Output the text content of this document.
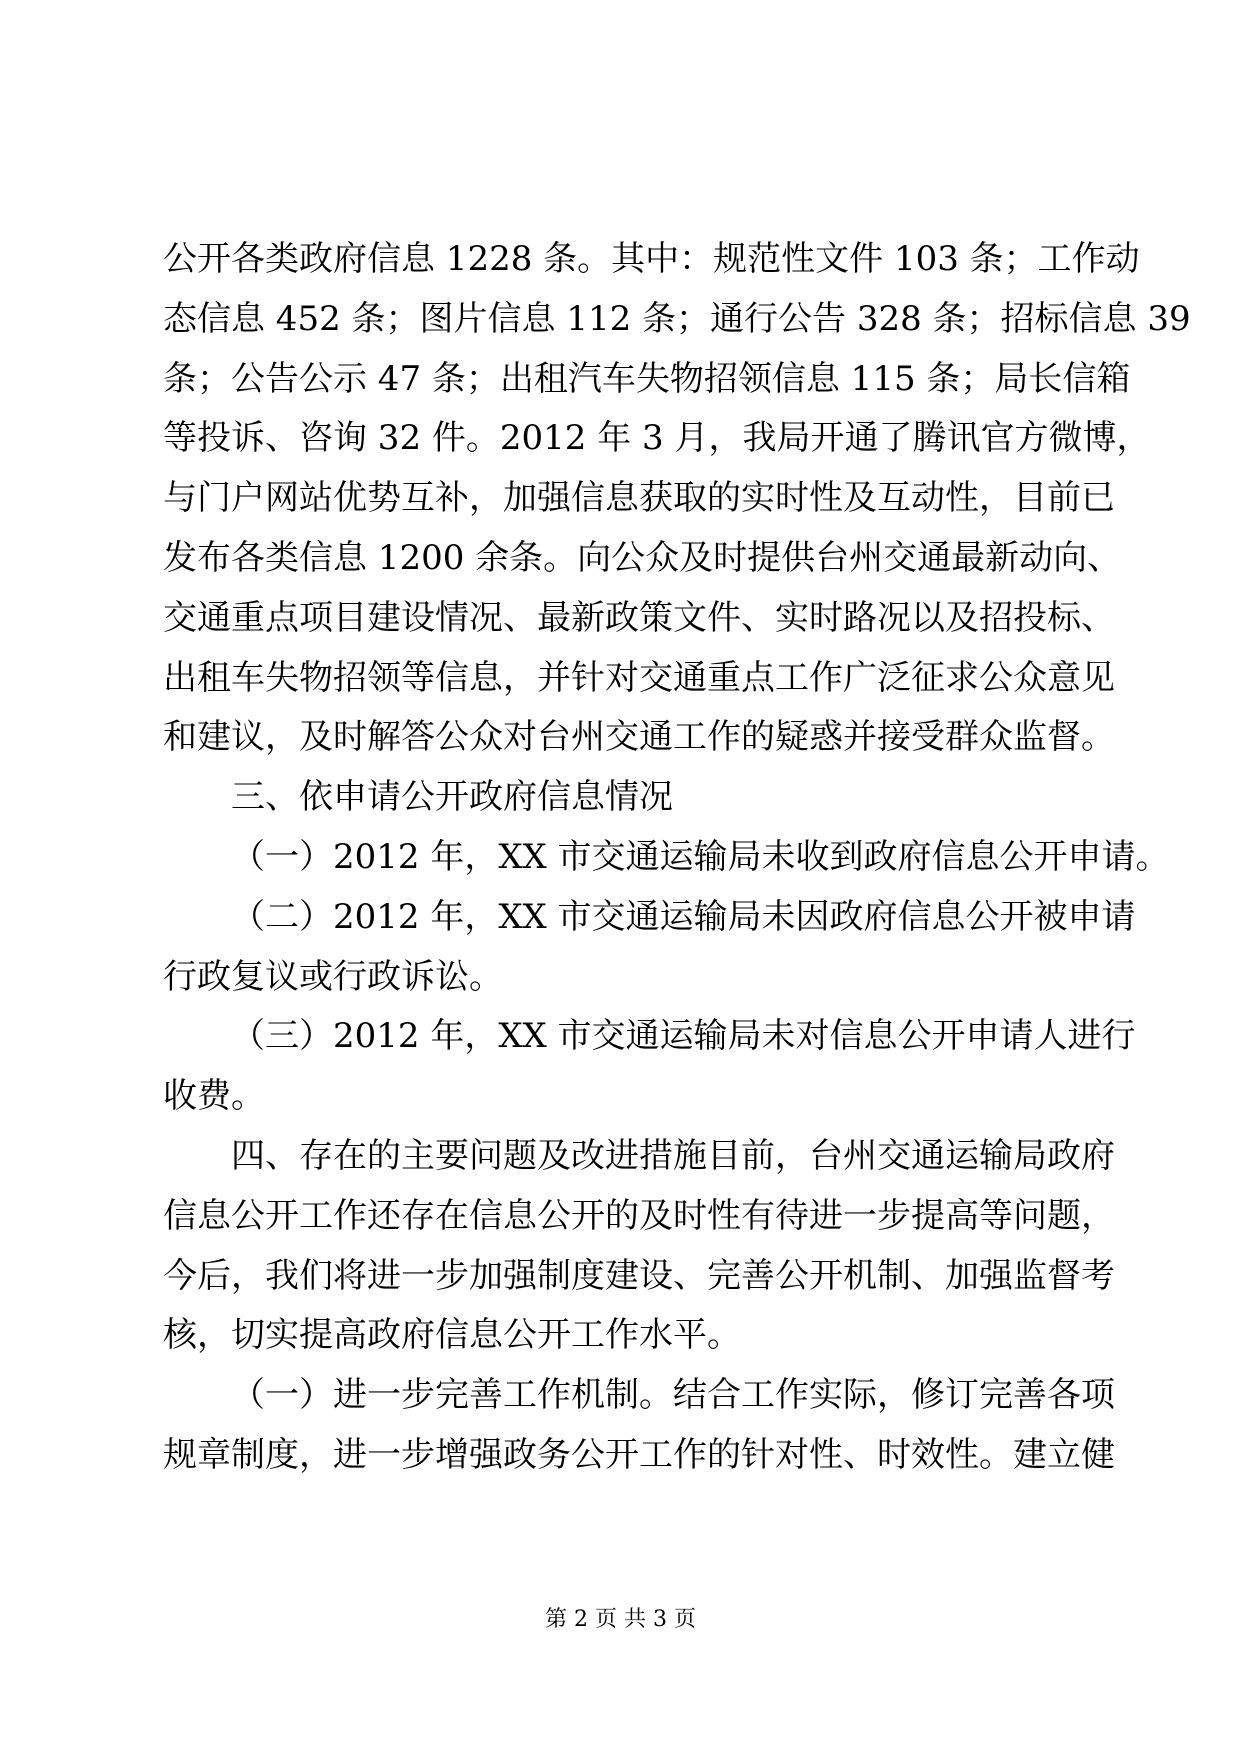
公开各类政府信息 1228 条。其中：规范性文件 103 条；工作动
态信息 452 条；图片信息 112 条；通行公告 328 条；招标信息 39
条；公告公示 47 条；出租汽车失物招领信息 115 条；局长信箱
等投诉、咨询 32 件。2012 年 3 月，我局开通了腾讯官方微博，
与门户网站优势互补，加强信息获取的实时性及互动性，目前已
发布各类信息 1200 余条。向公众及时提供台州交通最新动向、
交通重点项目建设情况、最新政策文件、实时路况以及招投标、
出租车失物招领等信息，并针对交通重点工作广泛征求公众意见
和建议，及时解答公众对台州交通工作的疑惑并接受群众监督。
三、依申请公开政府信息情况
（一）2012 年，XX 市交通运输局未收到政府信息公开申请。
（二）2012 年，XX 市交通运输局未因政府信息公开被申请
行政复议或行政诉讼。
（三）2012 年，XX 市交通运输局未对信息公开申请人进行
收费。
四、存在的主要问题及改进措施目前，台州交通运输局政府
信息公开工作还存在信息公开的及时性有待进一步提高等问题，
今后，我们将进一步加强制度建设、完善公开机制、加强监督考
核，切实提高政府信息公开工作水平。
（一）进一步完善工作机制。结合工作实际，修订完善各项
规章制度，进一步增强政务公开工作的针对性、时效性。建立健
第 2 页 共 3 页
